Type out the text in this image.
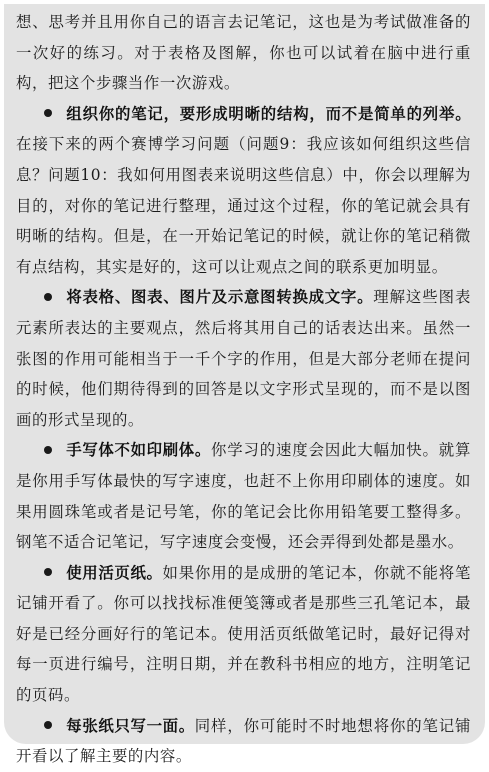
想、思考并且用你自己的语言去记笔记，这也是为考试做准备的一次好的练习。对于表格及图解，你也可以试着在脑中进行重构，把这个步骤当作一次游戏。

组织你的笔记，要形成明晰的结构，而不是简单的列举。在接下来的两个赛博学习问题（问题9：我应该如何组织这些信息？问题10：我如何用图表来说明这些信息）中，你会以理解为目的，对你的笔记进行整理，通过这个过程，你的笔记就会具有明晰的结构。但是，在一开始记笔记的时候，就让你的笔记稍微有点结构，其实是好的，这可以让观点之间的联系更加明显。

将表格、图表、图片及示意图转换成文字。理解这些图表元素所表达的主要观点，然后将其用自己的话表达出来。虽然一张图的作用可能相当于一千个字的作用，但是大部分老师在提问的时候，他们期待得到的回答是以文字形式呈现的，而不是以图画的形式呈现的。

手写体不如印刷体。你学习的速度会因此大幅加快。就算是你用手写体最快的写字速度，也赶不上你用印刷体的速度。如果用圆珠笔或者是记号笔，你的笔记会比你用铅笔要工整得多。钢笔不适合记笔记，写字速度会变慢，还会弄得到处都是墨水。

使用活页纸。如果你用的是成册的笔记本，你就不能将笔记铺开看了。你可以找找标准便笺簿或者是那些三孔笔记本，最好是已经分画好行的笔记本。使用活页纸做笔记时，最好记得对每一页进行编号，注明日期，并在教科书相应的地方，注明笔记的页码。

每张纸只写一面。同样，你可能时不时地想将你的笔记铺开看以了解主要的内容。
